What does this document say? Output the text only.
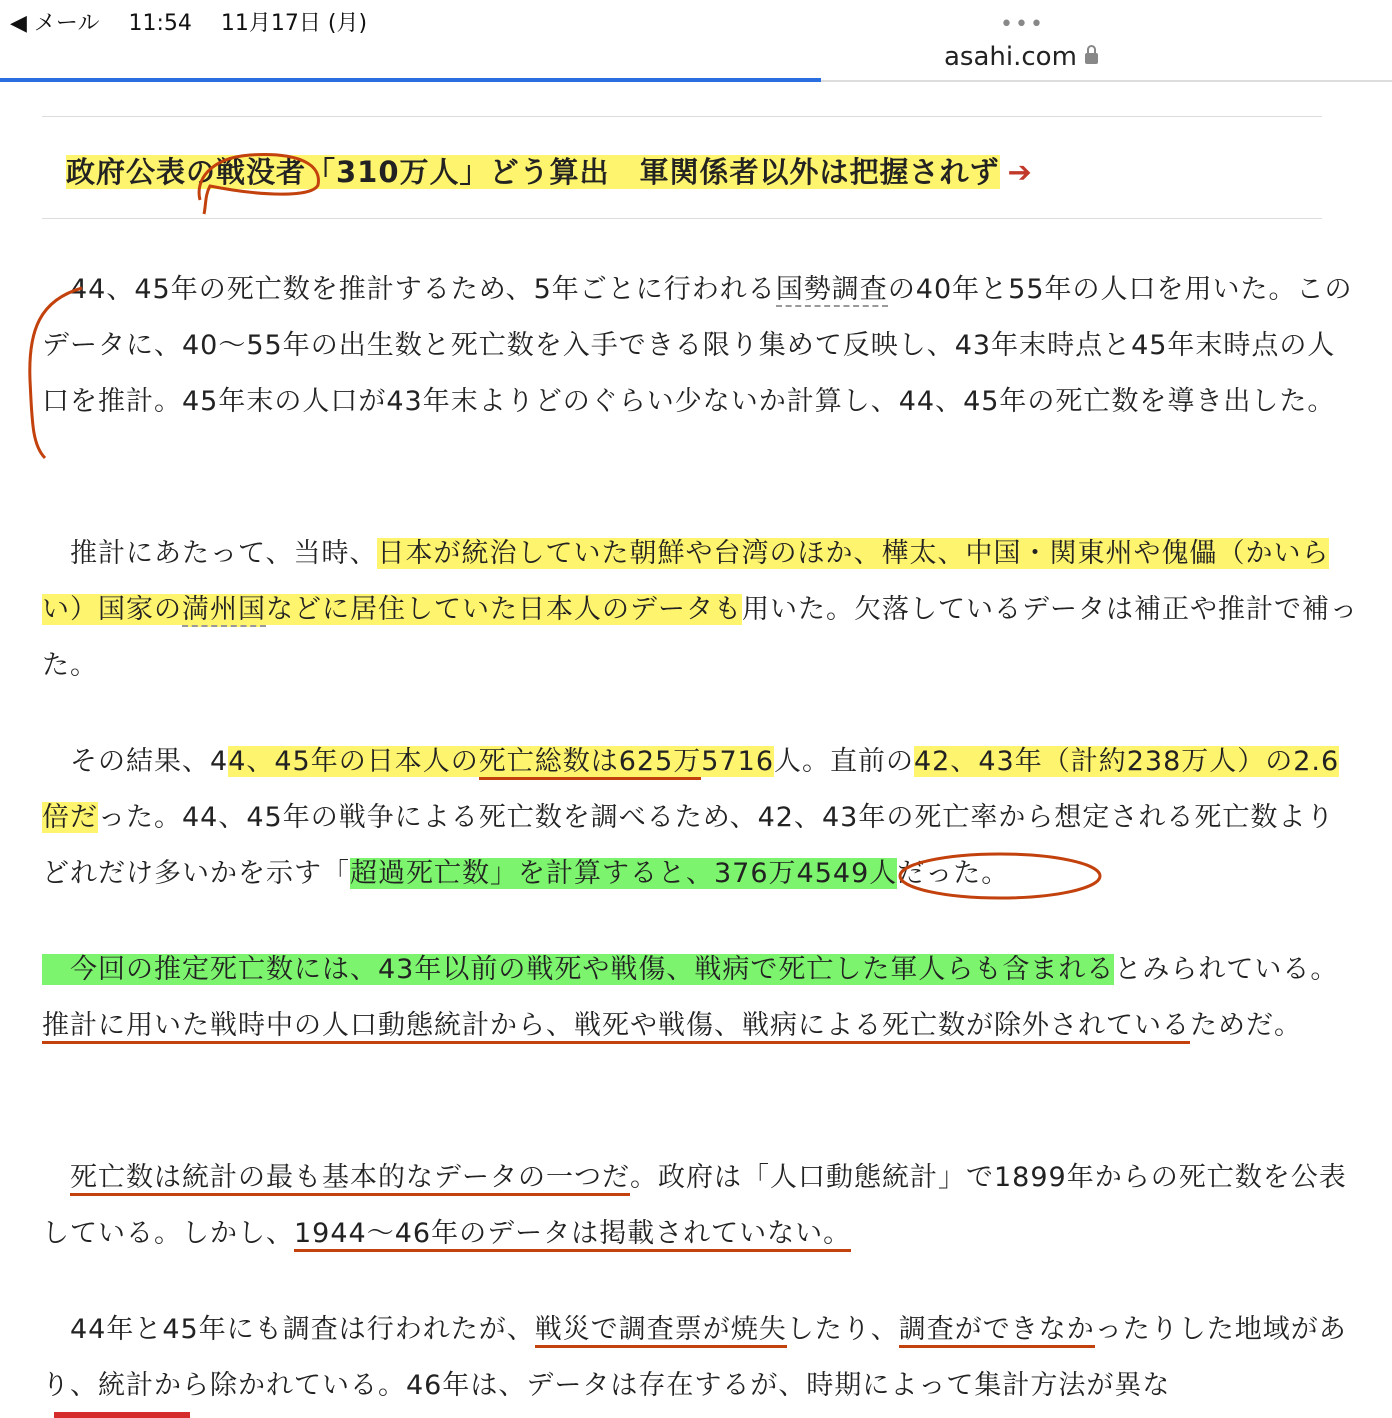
◀ メール 11:54 11月17日 (月)	•••
asahi.com
政府公表の戦没者「310万人」どう算出　軍関係者以外は把握されず ➔

　44、45年の死亡数を推計するため、5年ごとに行われる国勢調査の40年と55年の人口を用いた。このデータに、40〜55年の出生数と死亡数を入手できる限り集めて反映し、43年末時点と45年末時点の人口を推計。45年末の人口が43年末よりどのぐらい少ないか計算し、44、45年の死亡数を導き出した。

　推計にあたって、当時、日本が統治していた朝鮮や台湾のほか、樺太、中国・関東州や傀儡（かいらい）国家の満州国などに居住していた日本人のデータも用いた。欠落しているデータは補正や推計で補った。

　その結果、44、45年の日本人の死亡総数は625万5716人。直前の42、43年（計約238万人）の2.6倍だった。44、45年の戦争による死亡数を調べるため、42、43年の死亡率から想定される死亡数よりどれだけ多いかを示す「超過死亡数」を計算すると、376万4549人だった。

　今回の推定死亡数には、43年以前の戦死や戦傷、戦病で死亡した軍人らも含まれるとみられている。推計に用いた戦時中の人口動態統計から、戦死や戦傷、戦病による死亡数が除外されているためだ。

　死亡数は統計の最も基本的なデータの一つだ。政府は「人口動態統計」で1899年からの死亡数を公表している。しかし、1944〜46年のデータは掲載されていない。

　44年と45年にも調査は行われたが、戦災で調査票が焼失したり、調査ができなかったりした地域があり、統計から除かれている。46年は、データは存在するが、時期によって集計方法が異な
